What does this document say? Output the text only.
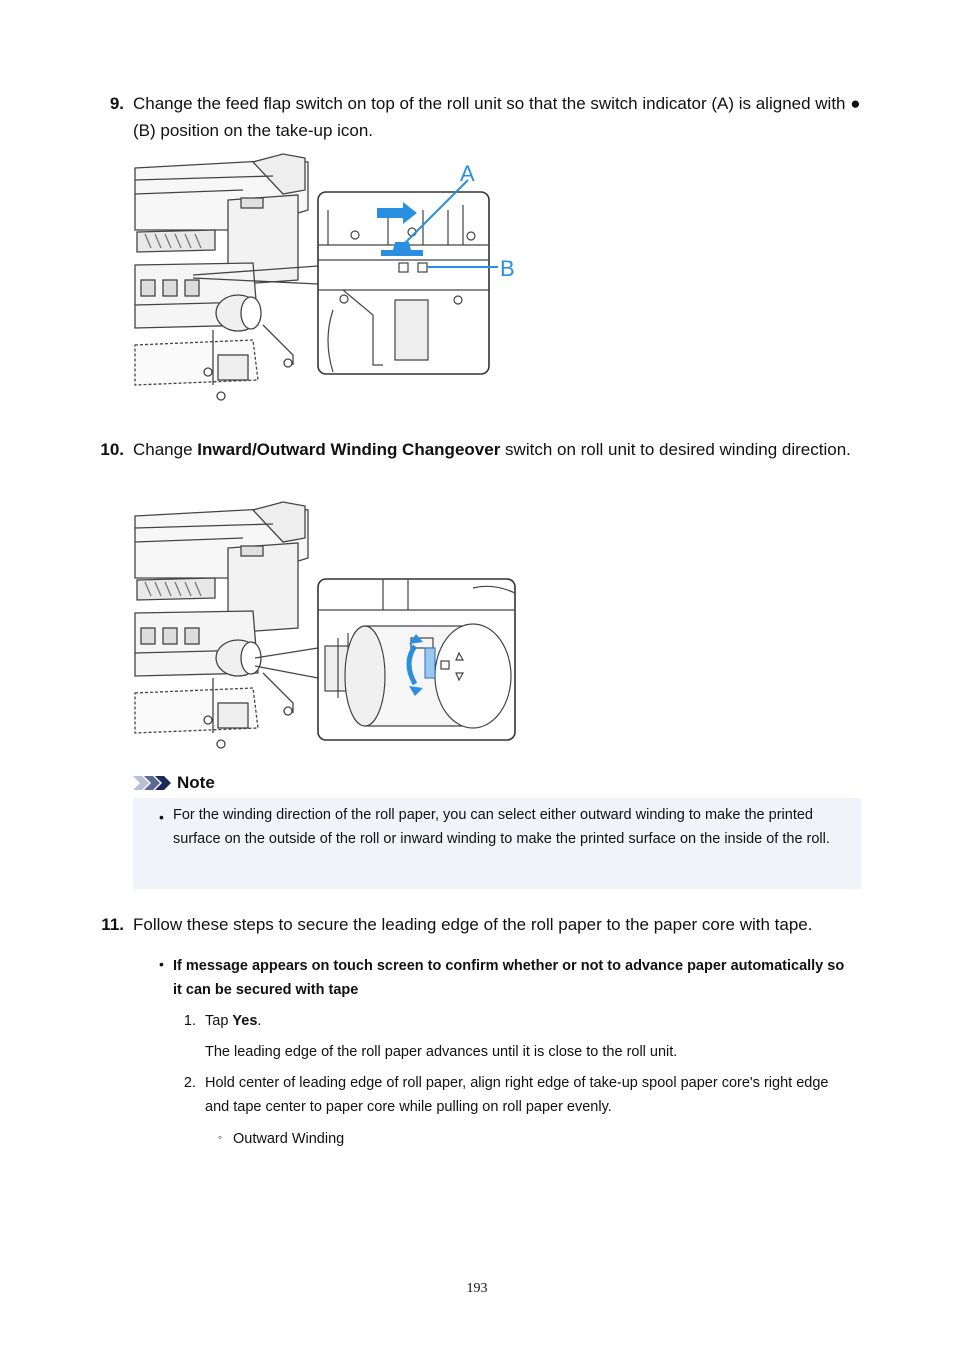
9. Change the feed flap switch on top of the roll unit so that the switch indicator (A) is aligned with ● (B) position on the take-up icon.
A
B
10. Change Inward/Outward Winding Changeover switch on roll unit to desired winding direction.
Note
• For the winding direction of the roll paper, you can select either outward winding to make the printed surface on the outside of the roll or inward winding to make the printed surface on the inside of the roll.
11. Follow these steps to secure the leading edge of the roll paper to the paper core with tape.
• If message appears on touch screen to confirm whether or not to advance paper automatically so it can be secured with tape
1. Tap Yes.
The leading edge of the roll paper advances until it is close to the roll unit.
2. Hold center of leading edge of roll paper, align right edge of take-up spool paper core's right edge and tape center to paper core while pulling on roll paper evenly.
◦ Outward Winding
193
